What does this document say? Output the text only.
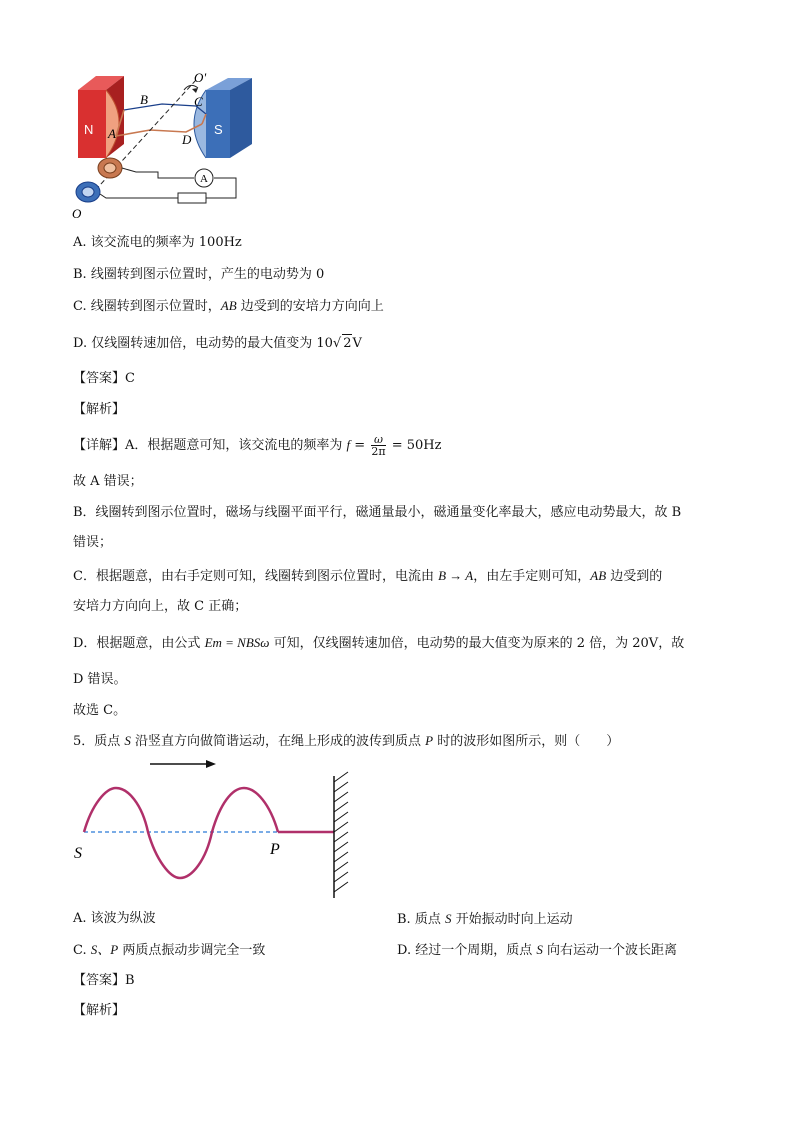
A
O'
B	C
N A	D
S
O
A. 该交流电的频率为 100Hz
B. 线圈转到图示位置时，产生的电动势为 0
C. 线圈转到图示位置时，AB 边受到的安培力方向向上
D. 仅线圈转速加倍，电动势的最大值变为 10√ 2V
【答案】C
【解析】
【详解】A．根据题意可知，该交流电的频率为 $f = \frac{\omega}{2\pi} = 50Hz$
故 A 错误；
B．线圈转到图示位置时，磁场与线圈平面平行，磁通量最小，磁通量变化率最大，感应电动势最大，故 B
错误；
C．根据题意，由右手定则可知，线圈转到图示位置时，电流由 B → A，由左手定则可知，AB 边受到的
安培力方向向上，故 C 正确；
D．根据题意，由公式 Em = NBSω 可知，仅线圈转速加倍，电动势的最大值变为原来的 2 倍，为 20V，故
D 错误。
故选 C。
5．质点 S 沿竖直方向做简谐运动，在绳上形成的波传到质点 P 时的波形如图所示，则（　　）
S	P
A. 该波为纵波	B. 质点 S 开始振动时向上运动
C. S、P 两质点振动步调完全一致	D. 经过一个周期，质点 S 向右运动一个波长距离
【答案】B
【解析】
